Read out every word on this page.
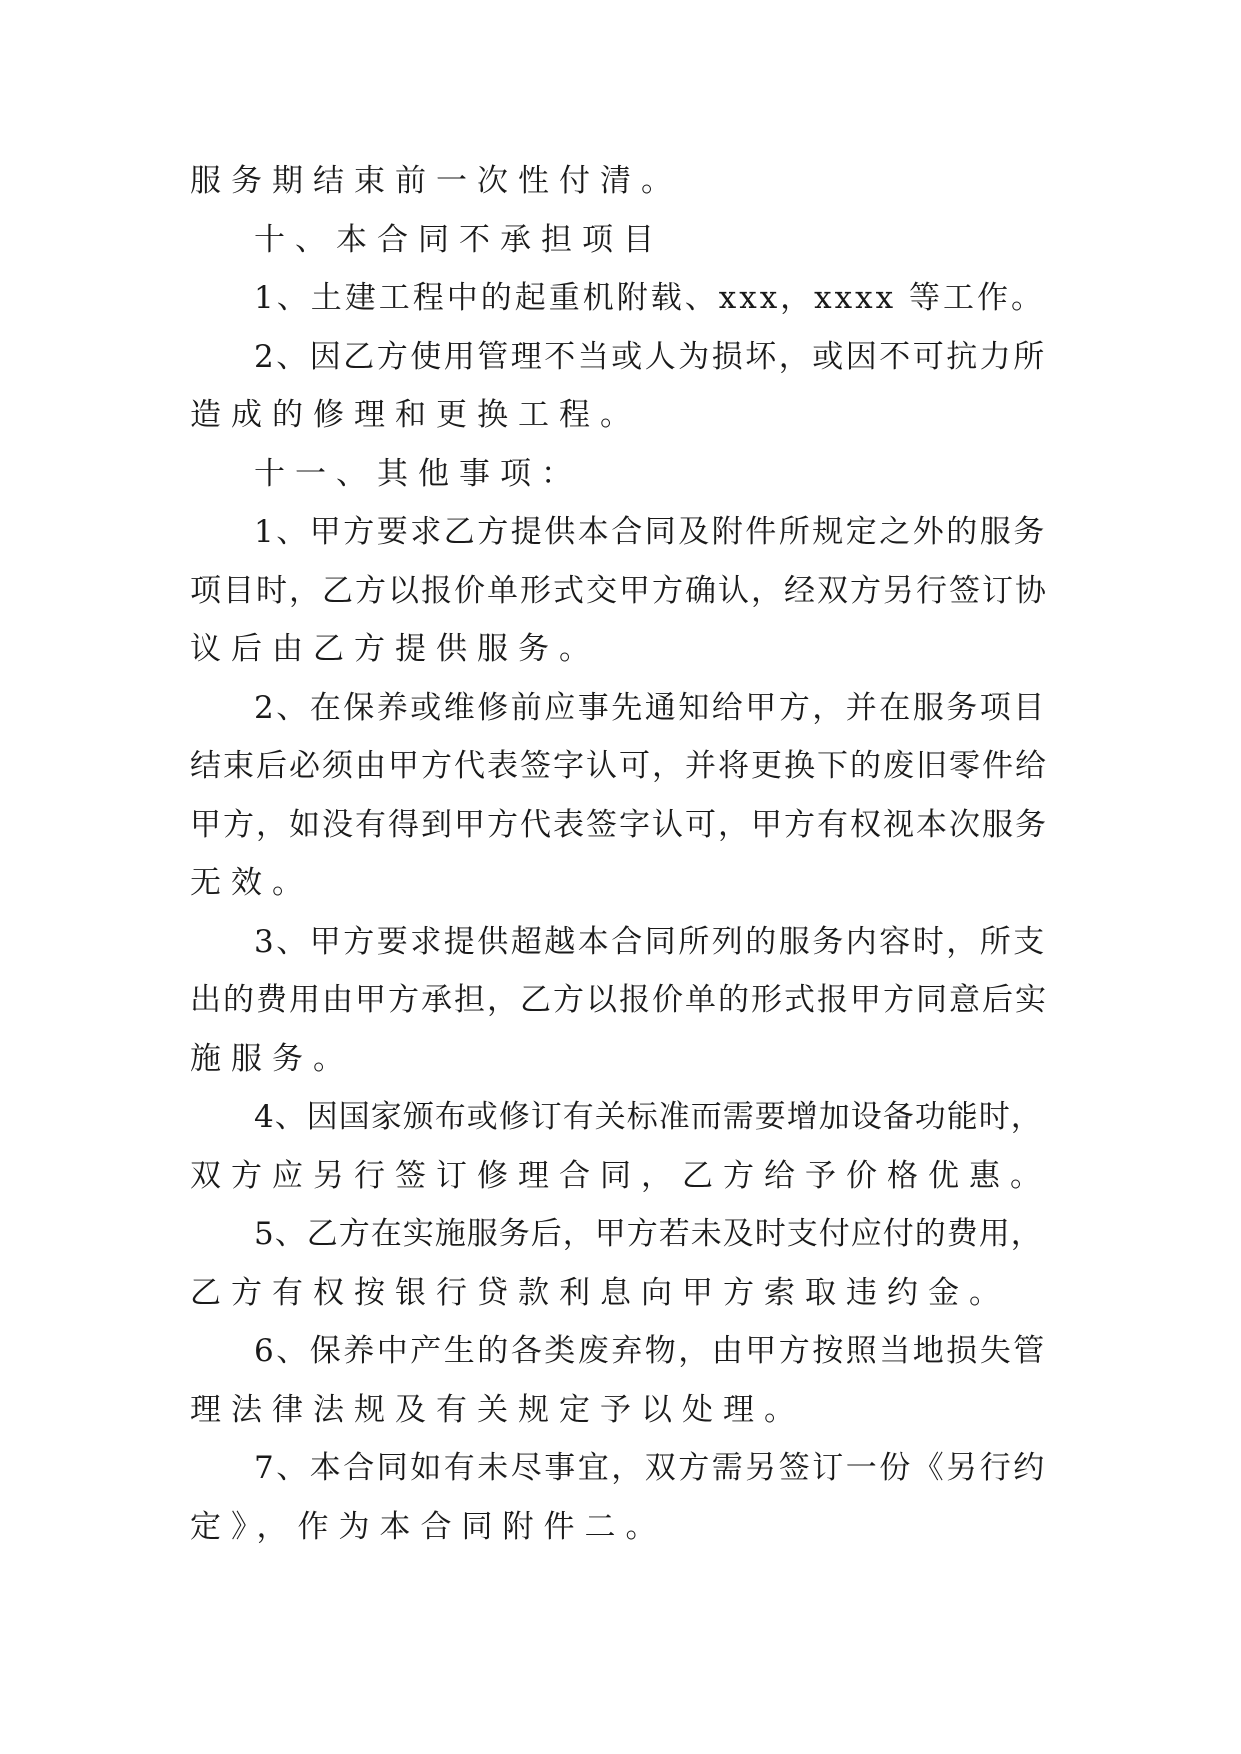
服务期结束前一次性付清。
十、本合同不承担项目
1、土建工程中的起重机附载、xxx，xxxx 等工作。
2、因乙方使用管理不当或人为损坏，或因不可抗力所
造成的修理和更换工程。
十一、其他事项：
1、甲方要求乙方提供本合同及附件所规定之外的服务
项目时，乙方以报价单形式交甲方确认，经双方另行签订协
议后由乙方提供服务。
2、在保养或维修前应事先通知给甲方，并在服务项目
结束后必须由甲方代表签字认可，并将更换下的废旧零件给
甲方，如没有得到甲方代表签字认可，甲方有权视本次服务
无效。
3、甲方要求提供超越本合同所列的服务内容时，所支
出的费用由甲方承担，乙方以报价单的形式报甲方同意后实
施服务。
4、因国家颁布或修订有关标准而需要增加设备功能时，
双方应另行签订修理合同，乙方给予价格优惠。
5、乙方在实施服务后，甲方若未及时支付应付的费用，
乙方有权按银行贷款利息向甲方索取违约金。
6、保养中产生的各类废弃物，由甲方按照当地损失管
理法律法规及有关规定予以处理。
7、本合同如有未尽事宜，双方需另签订一份《另行约
定》，作为本合同附件二。
